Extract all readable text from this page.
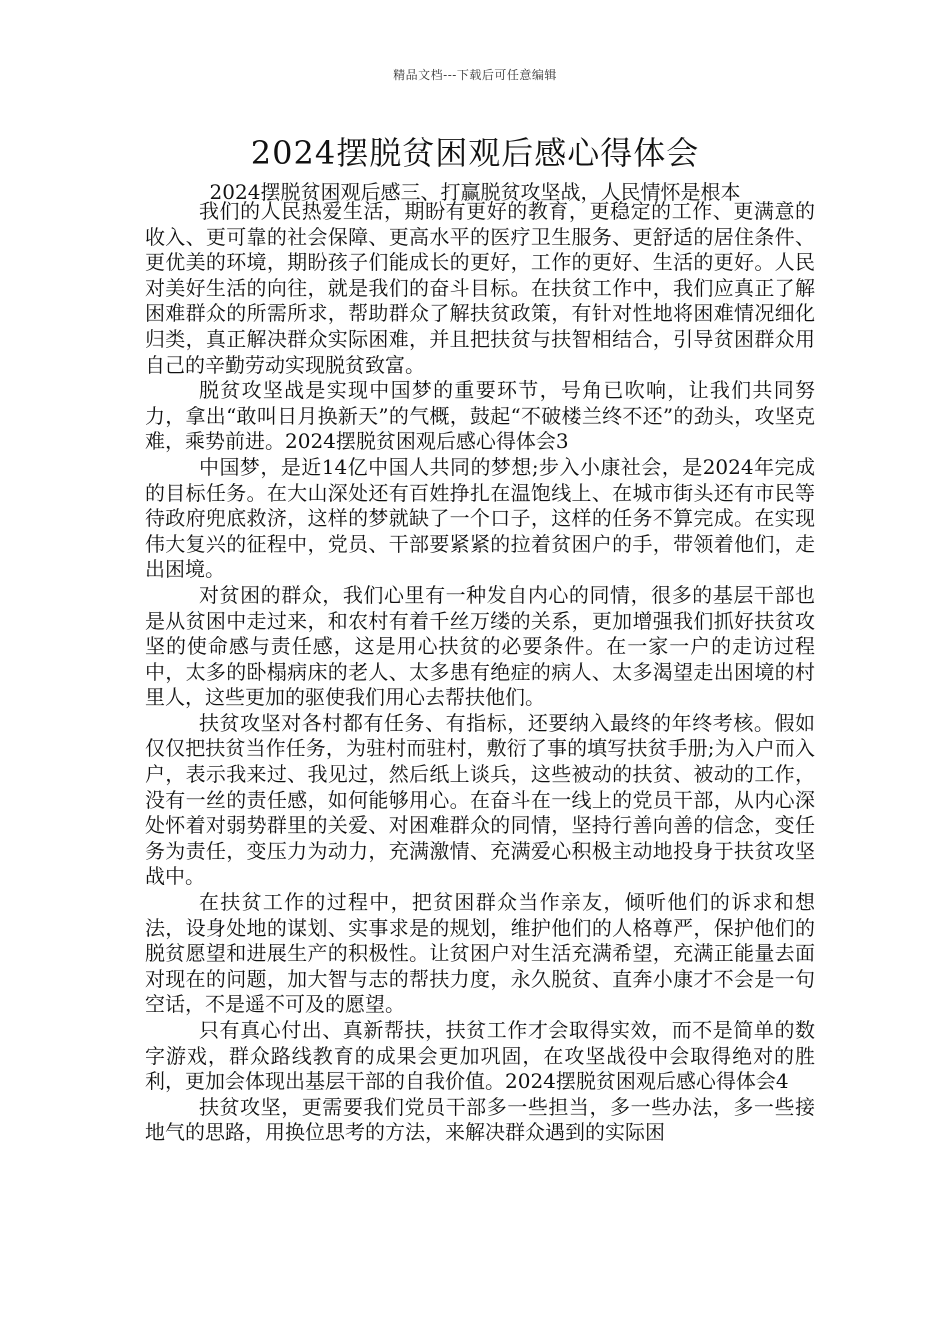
精品文档---下载后可任意编辑
2024摆脱贫困观后感心得体会

2024摆脱贫困观后感三、打赢脱贫攻坚战，人民情怀是根本

我们的人民热爱生活，期盼有更好的教育，更稳定的工作、更满意的收入、更可靠的社会保障、更高水平的医疗卫生服务、更舒适的居住条件、更优美的环境，期盼孩子们能成长的更好，工作的更好、生活的更好。人民对美好生活的向往，就是我们的奋斗目标。在扶贫工作中，我们应真正了解困难群众的所需所求，帮助群众了解扶贫政策，有针对性地将困难情况细化归类，真正解决群众实际困难，并且把扶贫与扶智相结合，引导贫困群众用自己的辛勤劳动实现脱贫致富。

脱贫攻坚战是实现中国梦的重要环节，号角已吹响，让我们共同努力，拿出“敢叫日月换新天”的气概，鼓起“不破楼兰终不还”的劲头，攻坚克难，乘势前进。2024摆脱贫困观后感心得体会3

中国梦，是近14亿中国人共同的梦想;步入小康社会，是2024年完成的目标任务。在大山深处还有百姓挣扎在温饱线上、在城市街头还有市民等待政府兜底救济，这样的梦就缺了一个口子，这样的任务不算完成。在实现伟大复兴的征程中，党员、干部要紧紧的拉着贫困户的手，带领着他们，走出困境。

对贫困的群众，我们心里有一种发自内心的同情，很多的基层干部也是从贫困中走过来，和农村有着千丝万缕的关系，更加增强我们抓好扶贫攻坚的使命感与责任感，这是用心扶贫的必要条件。在一家一户的走访过程中，太多的卧榻病床的老人、太多患有绝症的病人、太多渴望走出困境的村里人，这些更加的驱使我们用心去帮扶他们。

扶贫攻坚对各村都有任务、有指标，还要纳入最终的年终考核。假如仅仅把扶贫当作任务，为驻村而驻村，敷衍了事的填写扶贫手册;为入户而入户，表示我来过、我见过，然后纸上谈兵，这些被动的扶贫、被动的工作，没有一丝的责任感，如何能够用心。在奋斗在一线上的党员干部，从内心深处怀着对弱势群里的关爱、对困难群众的同情，坚持行善向善的信念，变任务为责任，变压力为动力，充满激情、充满爱心积极主动地投身于扶贫攻坚战中。

在扶贫工作的过程中，把贫困群众当作亲友，倾听他们的诉求和想法，设身处地的谋划、实事求是的规划，维护他们的人格尊严，保护他们的脱贫愿望和进展生产的积极性。让贫困户对生活充满希望，充满正能量去面对现在的问题，加大智与志的帮扶力度，永久脱贫、直奔小康才不会是一句空话，不是遥不可及的愿望。

只有真心付出、真新帮扶，扶贫工作才会取得实效，而不是简单的数字游戏，群众路线教育的成果会更加巩固，在攻坚战役中会取得绝对的胜利，更加会体现出基层干部的自我价值。2024摆脱贫困观后感心得体会4

扶贫攻坚，更需要我们党员干部多一些担当，多一些办法，多一些接地气的思路，用换位思考的方法，来解决群众遇到的实际困
